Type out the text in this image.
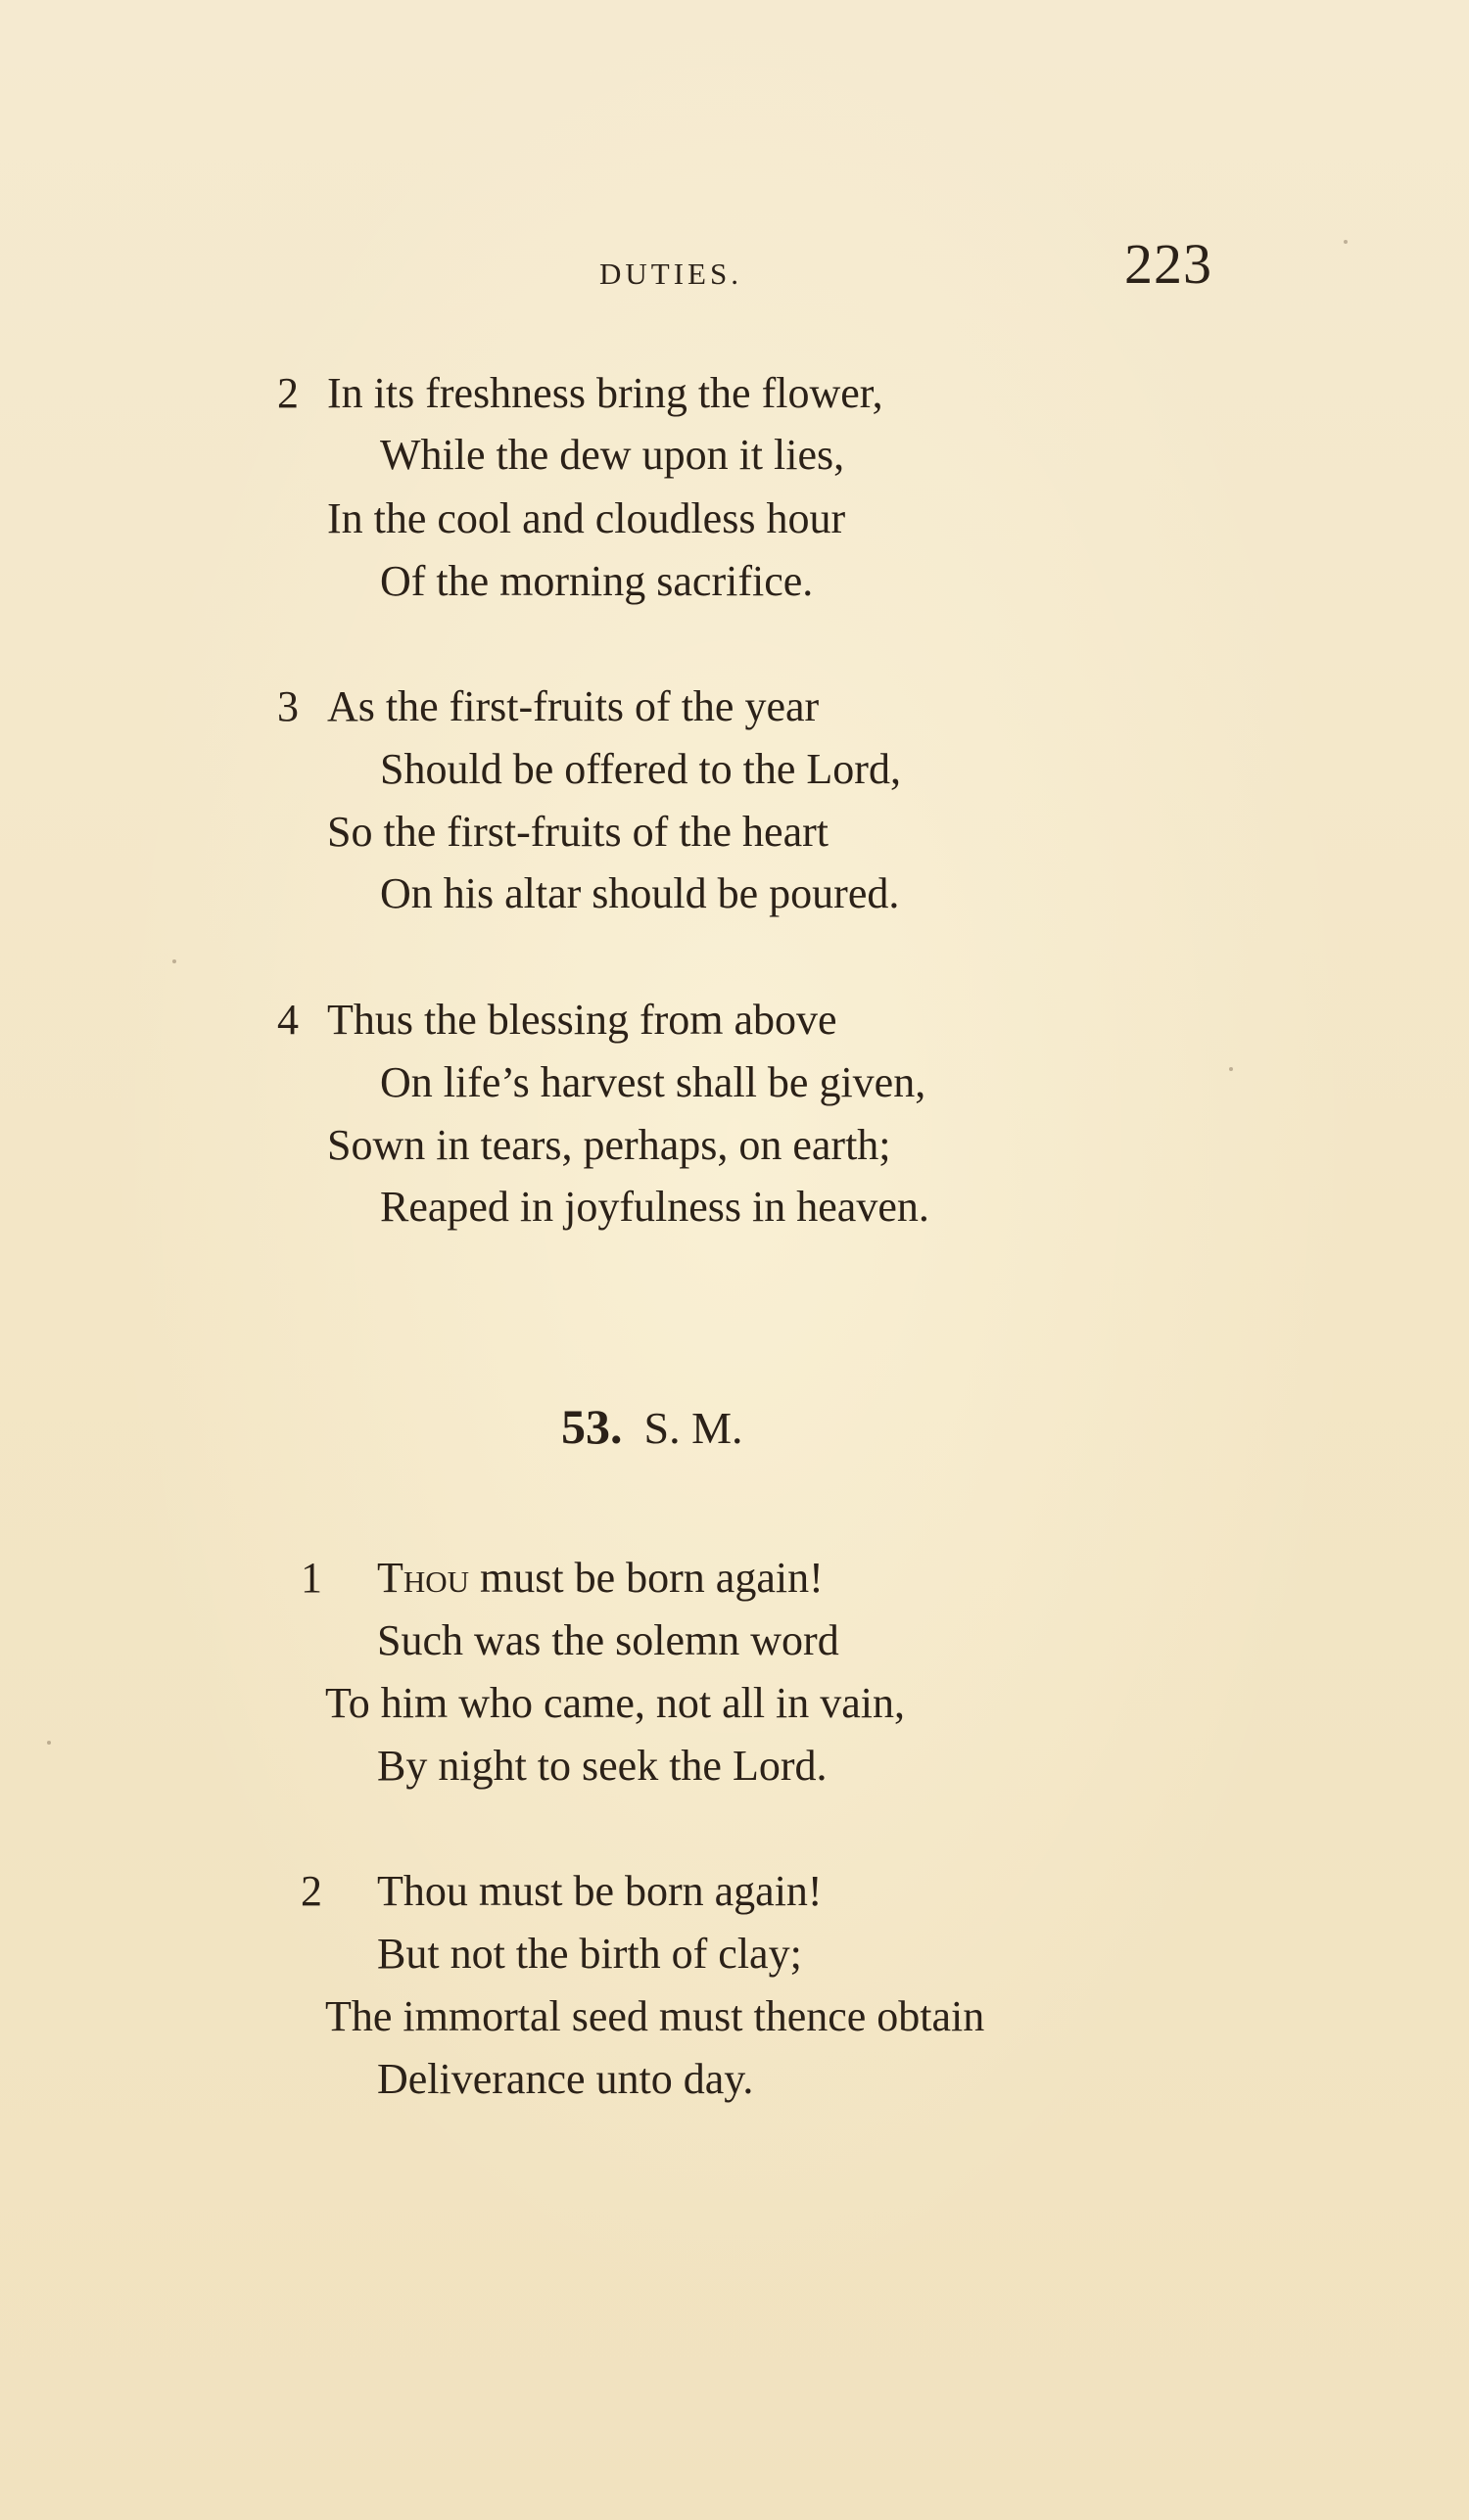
DUTIES.	223
2 In its freshness bring the flower,
While the dew upon it lies,
In the cool and cloudless hour
Of the morning sacrifice.
3 As the first-fruits of the year
Should be offered to the Lord,
So the first-fruits of the heart
On his altar should be poured.
4 Thus the blessing from above
On life’s harvest shall be given,
Sown in tears, perhaps, on earth;
Reaped in joyfulness in heaven.
53. S. M.
1 Thou must be born again!
Such was the solemn word
To him who came, not all in vain,
By night to seek the Lord.
2 Thou must be born again!
But not the birth of clay;
The immortal seed must thence obtain
Deliverance unto day.
